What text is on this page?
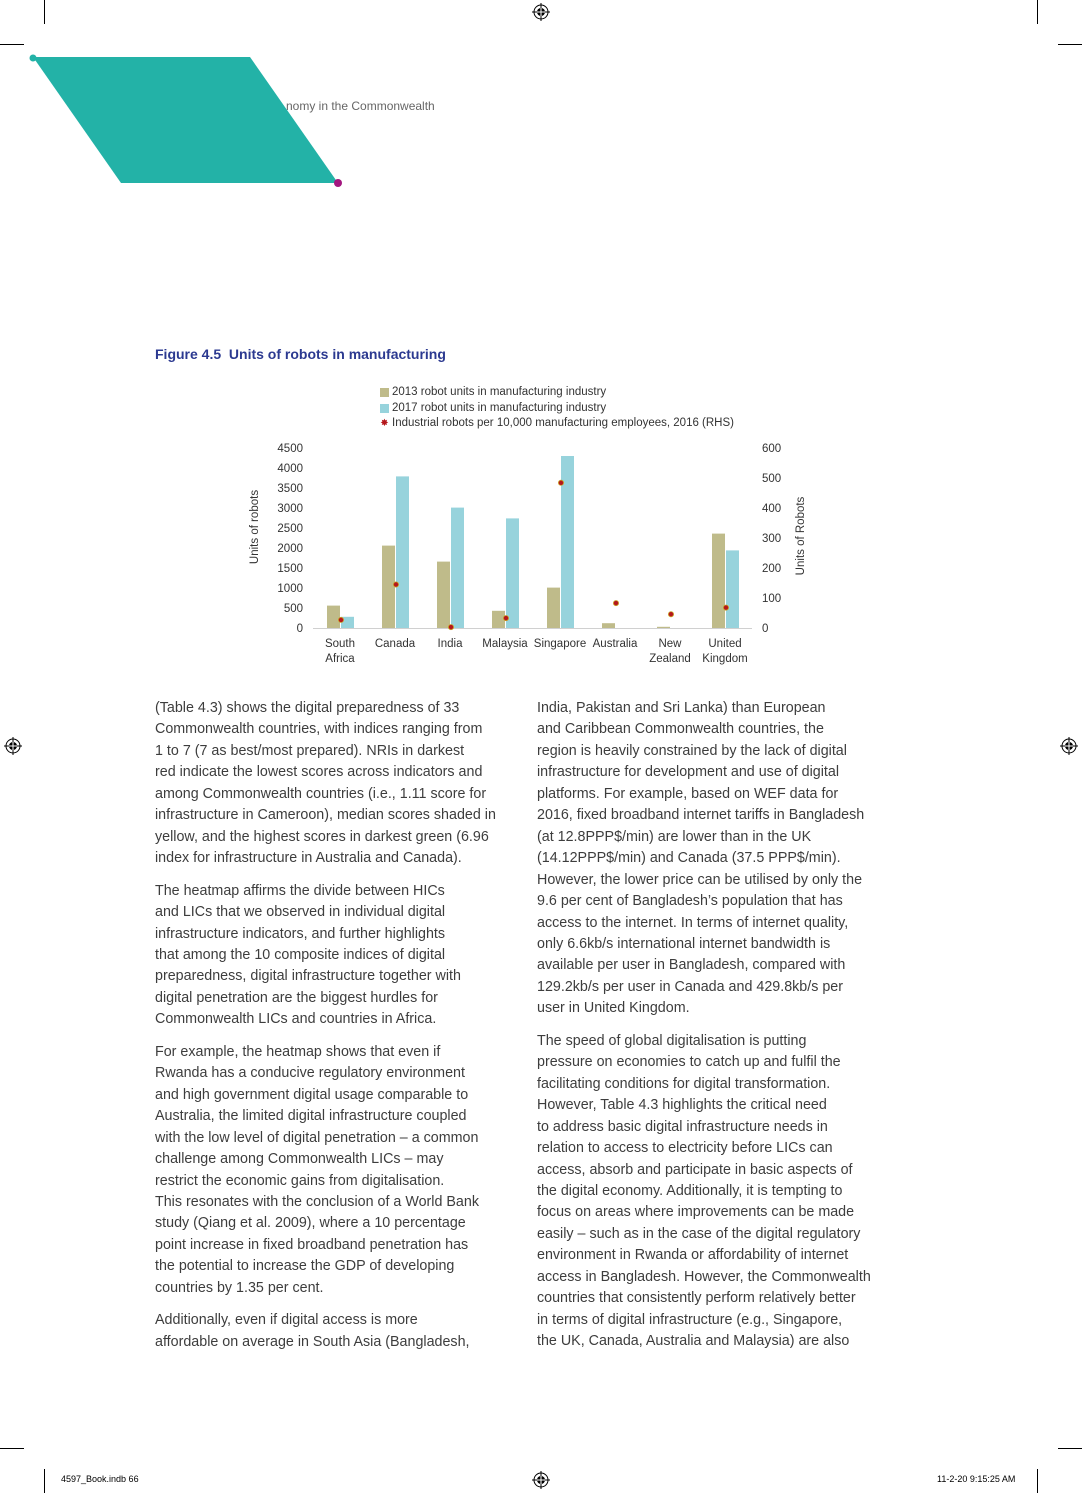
nomy in the Commonwealth
Figure 4.5 Units of robots in manufacturing
2013 robot units in manufacturing industry
2017 robot units in manufacturing industry
✸ Industrial robots per 10,000 manufacturing employees, 2016 (RHS)
0
500
1000
1500
2000
2500
3000
3500
4000
4500
0
100
200
300
400
500
600
Units of robots	Units of Robots
South
Africa
Canada India Malaysia Singapore Australia New
Zealand
United
Kingdom
(Table 4.3) shows the digital preparedness of 33
Commonwealth countries, with indices ranging from
1 to 7 (7 as best/most prepared). NRIs in darkest
red indicate the lowest scores across indicators and
among Commonwealth countries (i.e., 1.11 score for
infrastructure in Cameroon), median scores shaded in
yellow, and the highest scores in darkest green (6.96
index for infrastructure in Australia and Canada).
The heatmap affirms the divide between HICs
and LICs that we observed in individual digital
infrastructure indicators, and further highlights
that among the 10 composite indices of digital
preparedness, digital infrastructure together with
digital penetration are the biggest hurdles for
Commonwealth LICs and countries in Africa.
For example, the heatmap shows that even if
Rwanda has a conducive regulatory environment
and high government digital usage comparable to
Australia, the limited digital infrastructure coupled
with the low level of digital penetration – a common
challenge among Commonwealth LICs – may
restrict the economic gains from digitalisation.
This resonates with the conclusion of a World Bank
study (Qiang et al. 2009), where a 10 percentage
point increase in fixed broadband penetration has
the potential to increase the GDP of developing
countries by 1.35 per cent.
Additionally, even if digital access is more
affordable on average in South Asia (Bangladesh,
India, Pakistan and Sri Lanka) than European
and Caribbean Commonwealth countries, the
region is heavily constrained by the lack of digital
infrastructure for development and use of digital
platforms. For example, based on WEF data for
2016, fixed broadband internet tariffs in Bangladesh
(at 12.8PPP$/min) are lower than in the UK
(14.12PPP$/min) and Canada (37.5 PPP$/min).
However, the lower price can be utilised by only the
9.6 per cent of Bangladesh’s population that has
access to the internet. In terms of internet quality,
only 6.6kb/s international internet bandwidth is
available per user in Bangladesh, compared with
129.2kb/s per user in Canada and 429.8kb/s per
user in United Kingdom.
The speed of global digitalisation is putting
pressure on economies to catch up and fulfil the
facilitating conditions for digital transformation.
However, Table 4.3 highlights the critical need
to address basic digital infrastructure needs in
relation to access to electricity before LICs can
access, absorb and participate in basic aspects of
the digital economy. Additionally, it is tempting to
focus on areas where improvements can be made
easily – such as in the case of the digital regulatory
environment in Rwanda or affordability of internet
access in Bangladesh. However, the Commonwealth
countries that consistently perform relatively better
in terms of digital infrastructure (e.g., Singapore,
the UK, Canada, Australia and Malaysia) are also
4597_Book.indb 66	11-2-20 9:15:25 AM
